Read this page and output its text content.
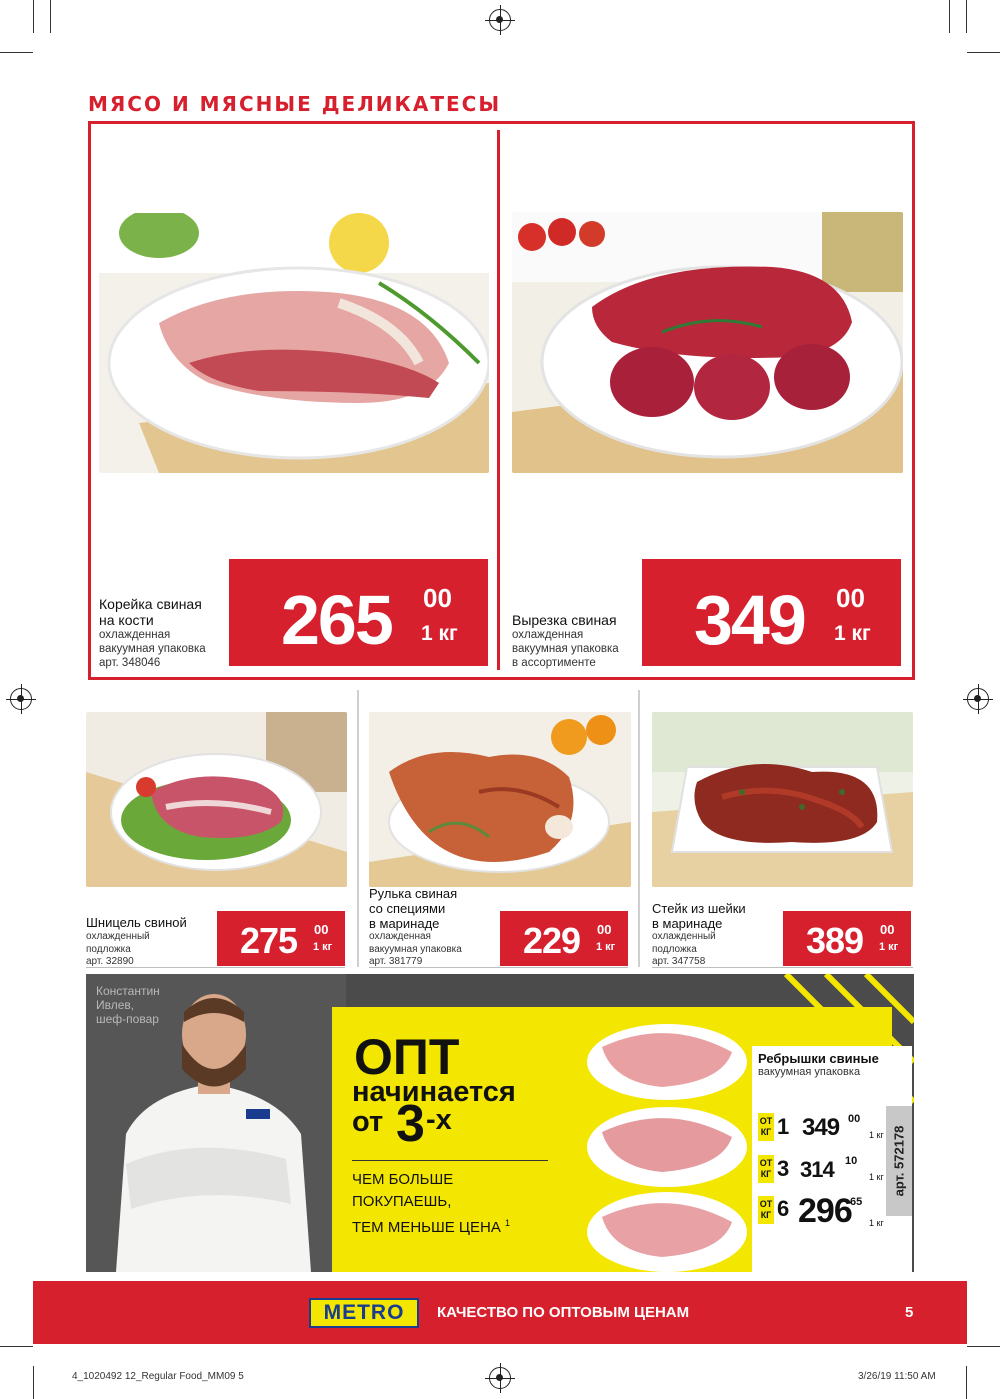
МЯСО И МЯСНЫЕ ДЕЛИКАТЕСЫ
Корейка свиная
на кости
охлажденная
вакуумная упаковка
арт. 348046
265 00
1 кг
Вырезка свиная
охлажденная
вакуумная упаковка
в ассортименте
349 00
1 кг
Шницель свиной
охлажденный
подложка
арт. 32890
275 00
1 кг
Рулька свиная
со специями
в маринаде
охлажденная
вакуумная упаковка
арт. 381779
229 00
1 кг
Стейк из шейки
в маринаде
охлажденный
подложка
арт. 347758
389 00
1 кг
Константин
Ивлев,
шеф-повар
ОПТ
начинается
от 3 -х
ЧЕМ БОЛЬШЕ
ПОКУПАЕШЬ,
ТЕМ МЕНЬШЕ ЦЕНА $^1$
Ребрышки свиные
вакуумная упаковка
ОТ
КГ 1 349 00
1 кг
ОТ
КГ 3 314 10
1 кг
ОТ
КГ 6 296
65
1 кг
арт. 572178
METRO	КАЧЕСТВО ПО ОПТОВЫМ ЦЕНАМ	5
4_1020492 12_Regular Food_MM09 5	3/26/19 11:50 AM
